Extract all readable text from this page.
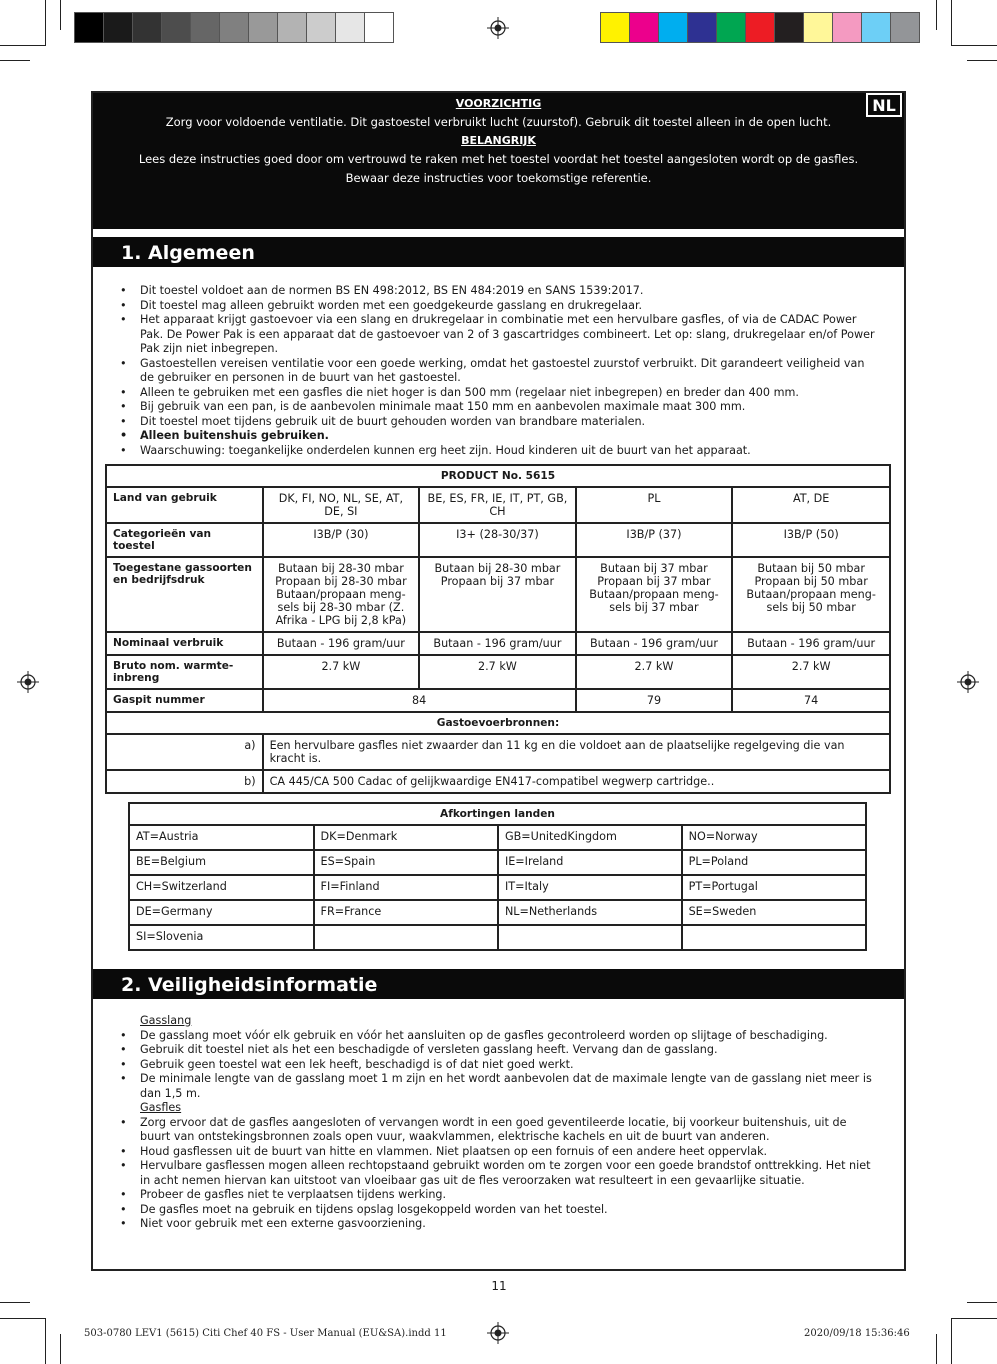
VOORZICHTIG
Zorg voor voldoende ventilatie. Dit gastoestel verbruikt lucht (zuurstof). Gebruik dit toestel alleen in de open lucht.
BELANGRIJK
Lees deze instructies goed door om vertrouwd te raken met het toestel voordat het toestel aangesloten wordt op de gasfles.
Bewaar deze instructies voor toekomstige referentie.
NL
1. Algemeen
• Dit toestel voldoet aan de normen BS EN 498:2012, BS EN 484:2019 en SANS 1539:2017.
• Dit toestel mag alleen gebruikt worden met een goedgekeurde gasslang en drukregelaar.
• Het apparaat krijgt gastoevoer via een slang en drukregelaar in combinatie met een hervulbare gasfles, of via de CADAC Power Pak. De Power Pak is een apparaat dat de gastoevoer van 2 of 3 gascartridges combineert. Let op: slang, drukregelaar en/of Power Pak zijn niet inbegrepen.
• Gastoestellen vereisen ventilatie voor een goede werking, omdat het gastoestel zuurstof verbruikt. Dit garandeert veiligheid van de gebruiker en personen in de buurt van het gastoestel.
• Alleen te gebruiken met een gasfles die niet hoger is dan 500 mm (regelaar niet inbegrepen) en breder dan 400 mm.
• Bij gebruik van een pan, is de aanbevolen minimale maat 150 mm en aanbevolen maximale maat 300 mm.
• Dit toestel moet tijdens gebruik uit de buurt gehouden worden van brandbare materialen.
• Alleen buitenshuis gebruiken.
• Waarschuwing: toegankelijke onderdelen kunnen erg heet zijn. Houd kinderen uit de buurt van het apparaat.
PRODUCT No. 5615				
Land van gebruik	DK, FI, NO, NL, SE, AT, DE, SI	BE, ES, FR, IE, IT, PT, GB, CH	PL	AT, DE
Categorieën van toestel	I3B/P (30)	I3+ (28-30/37)	I3B/P (37)	I3B/P (50)
Toegestane gassoorten en bedrijfsdruk	Butaan bij 28-30 mbar Propaan bij 28-30 mbar Butaan/propaan meng-sels bij 28-30 mbar (Z. Afrika - LPG bij 2,8 kPa)	Butaan bij 28-30 mbar Propaan bij 37 mbar	Butaan bij 37 mbar Propaan bij 37 mbar Butaan/propaan meng-sels bij 37 mbar	Butaan bij 50 mbar Propaan bij 50 mbar Butaan/propaan meng-sels bij 50 mbar
Nominaal verbruik	Butaan - 196 gram/uur	Butaan - 196 gram/uur	Butaan - 196 gram/uur	Butaan - 196 gram/uur
Bruto nom. warmte-inbreng	2.7 kW	2.7 kW	2.7 kW	2.7 kW
Gaspit nummer	84		79	74
Gastoevoerbronnen:				
a)	Een hervulbare gasfles niet zwaarder dan 11 kg en die voldoet aan de plaatselijke regelgeving die van kracht is.			
b)	CA 445/CA 500 Cadac of gelijkwaardige EN417-compatibel wegwerp cartridge..			
Afkortingen landen			
AT=Austria	DK=Denmark	GB=UnitedKingdom	NO=Norway
BE=Belgium	ES=Spain	IE=Ireland	PL=Poland
CH=Switzerland	FI=Finland	IT=Italy	PT=Portugal
DE=Germany	FR=France	NL=Netherlands	SE=Sweden
SI=Slovenia			
2. Veiligheidsinformatie
Gasslang
• De gasslang moet vóór elk gebruik en vóór het aansluiten op de gasfles gecontroleerd worden op slijtage of beschadiging.
• Gebruik dit toestel niet als het een beschadigde of versleten gasslang heeft. Vervang dan de gasslang.
• Gebruik geen toestel wat een lek heeft, beschadigd is of dat niet goed werkt.
• De minimale lengte van de gasslang moet 1 m zijn en het wordt aanbevolen dat de maximale lengte van de gasslang niet meer is dan 1,5 m.
Gasfles
• Zorg ervoor dat de gasfles aangesloten of vervangen wordt in een goed geventileerde locatie, bij voorkeur buitenshuis, uit de buurt van ontstekingsbronnen zoals open vuur, waakvlammen, elektrische kachels en uit de buurt van anderen.
• Houd gasflessen uit de buurt van hitte en vlammen. Niet plaatsen op een fornuis of een andere heet oppervlak.
• Hervulbare gasflessen mogen alleen rechtopstaand gebruikt worden om te zorgen voor een goede brandstof onttrekking. Het niet in acht nemen hiervan kan uitstoot van vloeibaar gas uit de fles veroorzaken wat resulteert in een gevaarlijke situatie.
• Probeer de gasfles niet te verplaatsen tijdens werking.
• De gasfles moet na gebruik en tijdens opslag losgekoppeld worden van het toestel.
• Niet voor gebruik met een externe gasvoorziening.
11
503-0780 LEV1 (5615) Citi Chef 40 FS - User Manual (EU&SA).indd 11	2020/09/18 15:36:46
